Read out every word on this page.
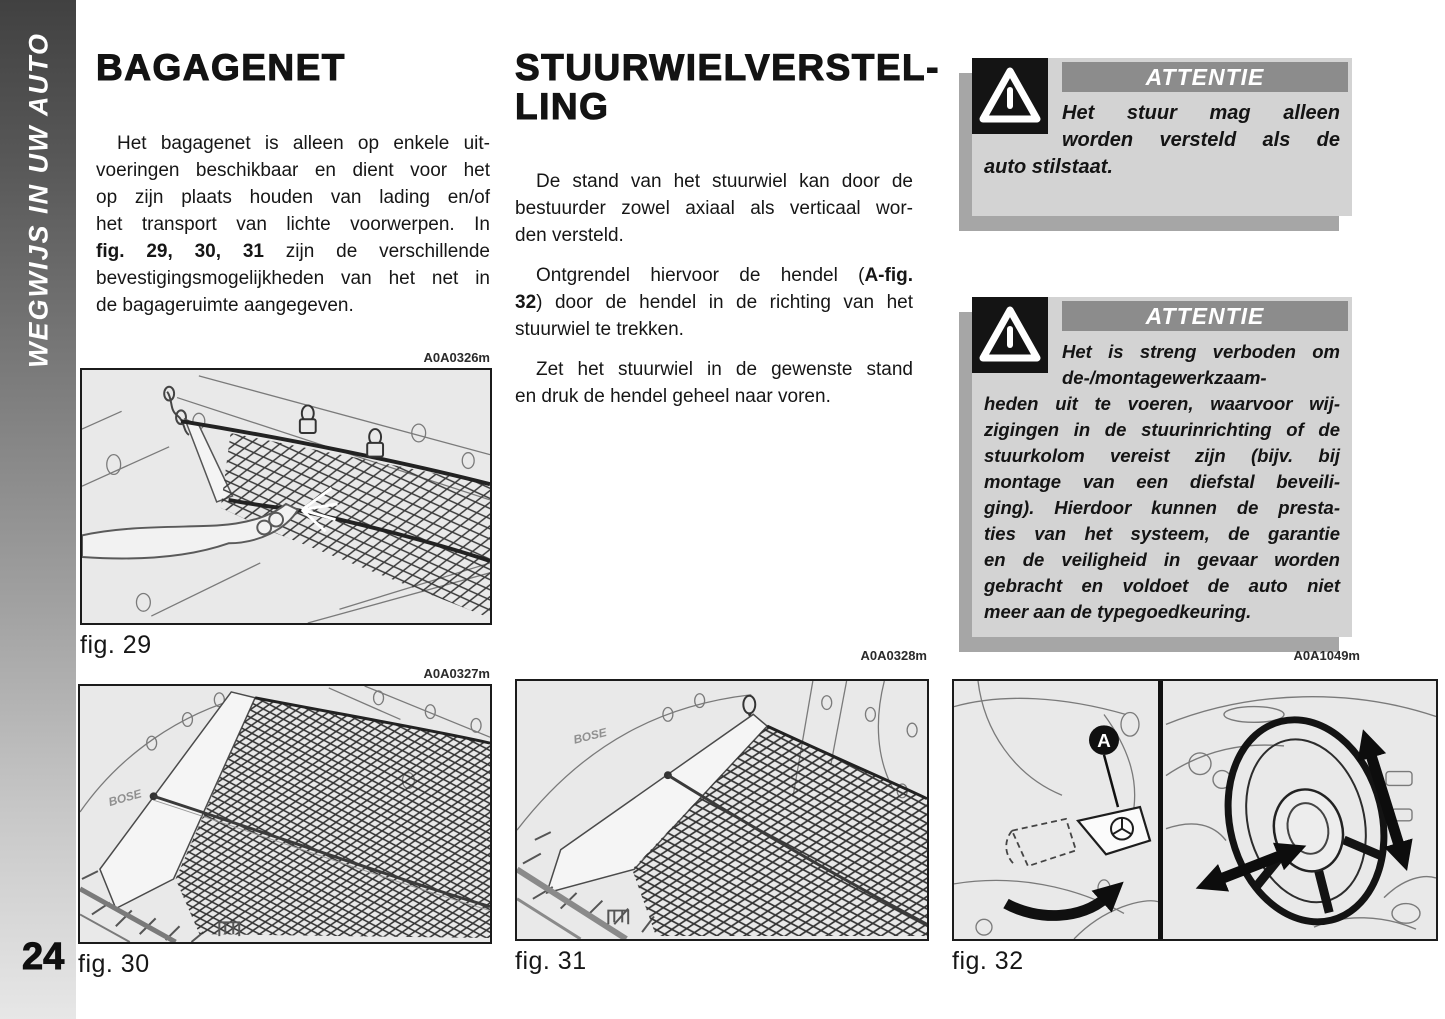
WEGWIJS IN UW AUTO
24
BAGAGENET
Het bagagenet is alleen op enkele uit-
voeringen beschikbaar en dient voor het
op zijn plaats houden van lading en/of
het transport van lichte voorwerpen. In
fig. 29, 30, 31 zijn de verschillende
bevestigingsmogelijkheden van het net in
de bagageruimte aangegeven.
A0A0326m
fig. 29
A0A0327m
BOSE
fig. 30
STUURWIELVERSTEL-
LING
De stand van het stuurwiel kan door de
bestuurder zowel axiaal als verticaal wor-
den versteld.
Ontgrendel hiervoor de hendel (A-fig.
32) door de hendel in de richting van het
stuurwiel te trekken.
Zet het stuurwiel in de gewenste stand
en druk de hendel geheel naar voren.
A0A0328m
BOSE
fig. 31
ATTENTIE
Het stuur mag alleen
worden versteld als de
auto stilstaat.
ATTENTIE
Het is streng verboden om
de-/montagewerkzaam-
heden uit te voeren, waarvoor wij-
zigingen in de stuurinrichting of de
stuurkolom vereist zijn (bijv. bij
montage van een diefstal beveili-
ging). Hierdoor kunnen de presta-
ties van het systeem, de garantie
en de veiligheid in gevaar worden
gebracht en voldoet de auto niet
meer aan de typegoedkeuring.
A0A1049m
A
fig. 32
